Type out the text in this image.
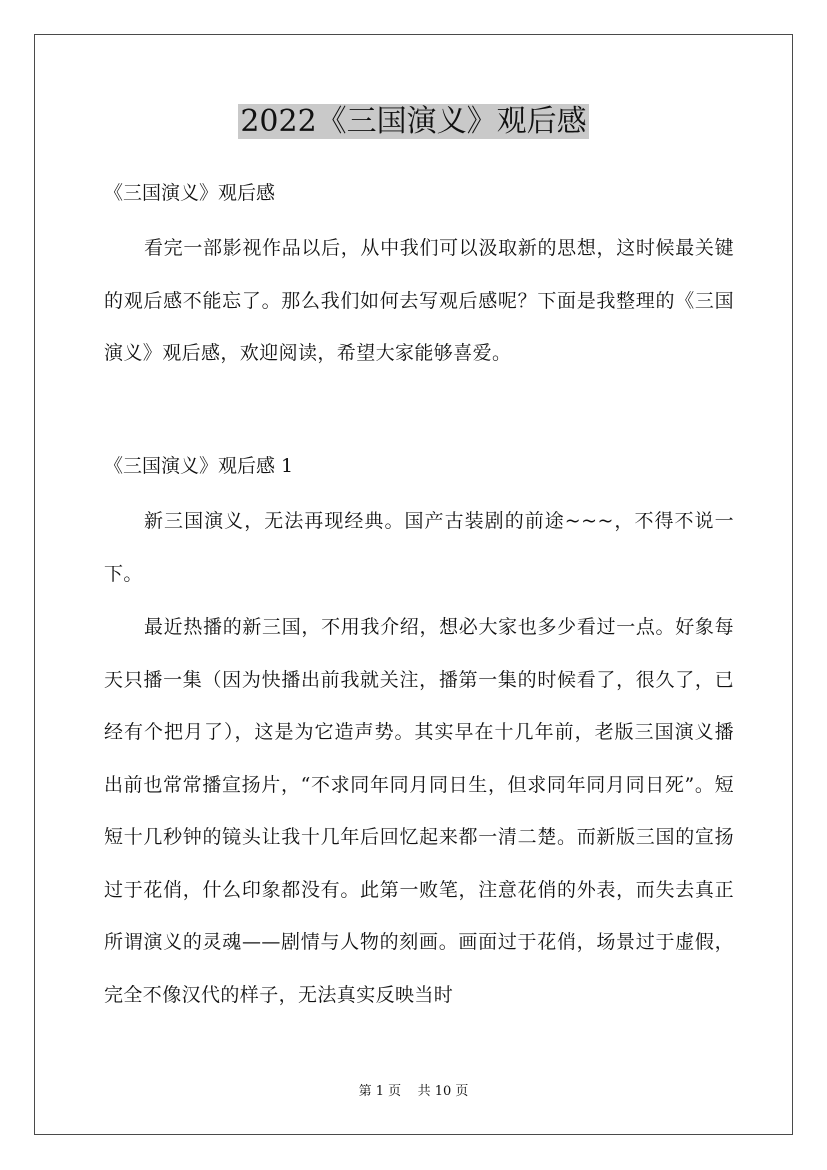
2022《三国演义》观后感

《三国演义》观后感

看完一部影视作品以后，从中我们可以汲取新的思想，这时候最关键的观后感不能忘了。那么我们如何去写观后感呢？下面是我整理的《三国演义》观后感，欢迎阅读，希望大家能够喜爱。

《三国演义》观后感 1

新三国演义，无法再现经典。国产古装剧的前途~~~，不得不说一下。

最近热播的新三国，不用我介绍，想必大家也多少看过一点。好象每天只播一集（因为快播出前我就关注，播第一集的时候看了，很久了，已经有个把月了），这是为它造声势。其实早在十几年前，老版三国演义播出前也常常播宣扬片，“不求同年同月同日生，但求同年同月同日死”。短短十几秒钟的镜头让我十几年后回忆起来都一清二楚。而新版三国的宣扬过于花俏，什么印象都没有。此第一败笔，注意花俏的外表，而失去真正所谓演义的灵魂——剧情与人物的刻画。画面过于花俏，场景过于虚假，完全不像汉代的样子，无法真实反映当时

第 1 页    共 10 页
